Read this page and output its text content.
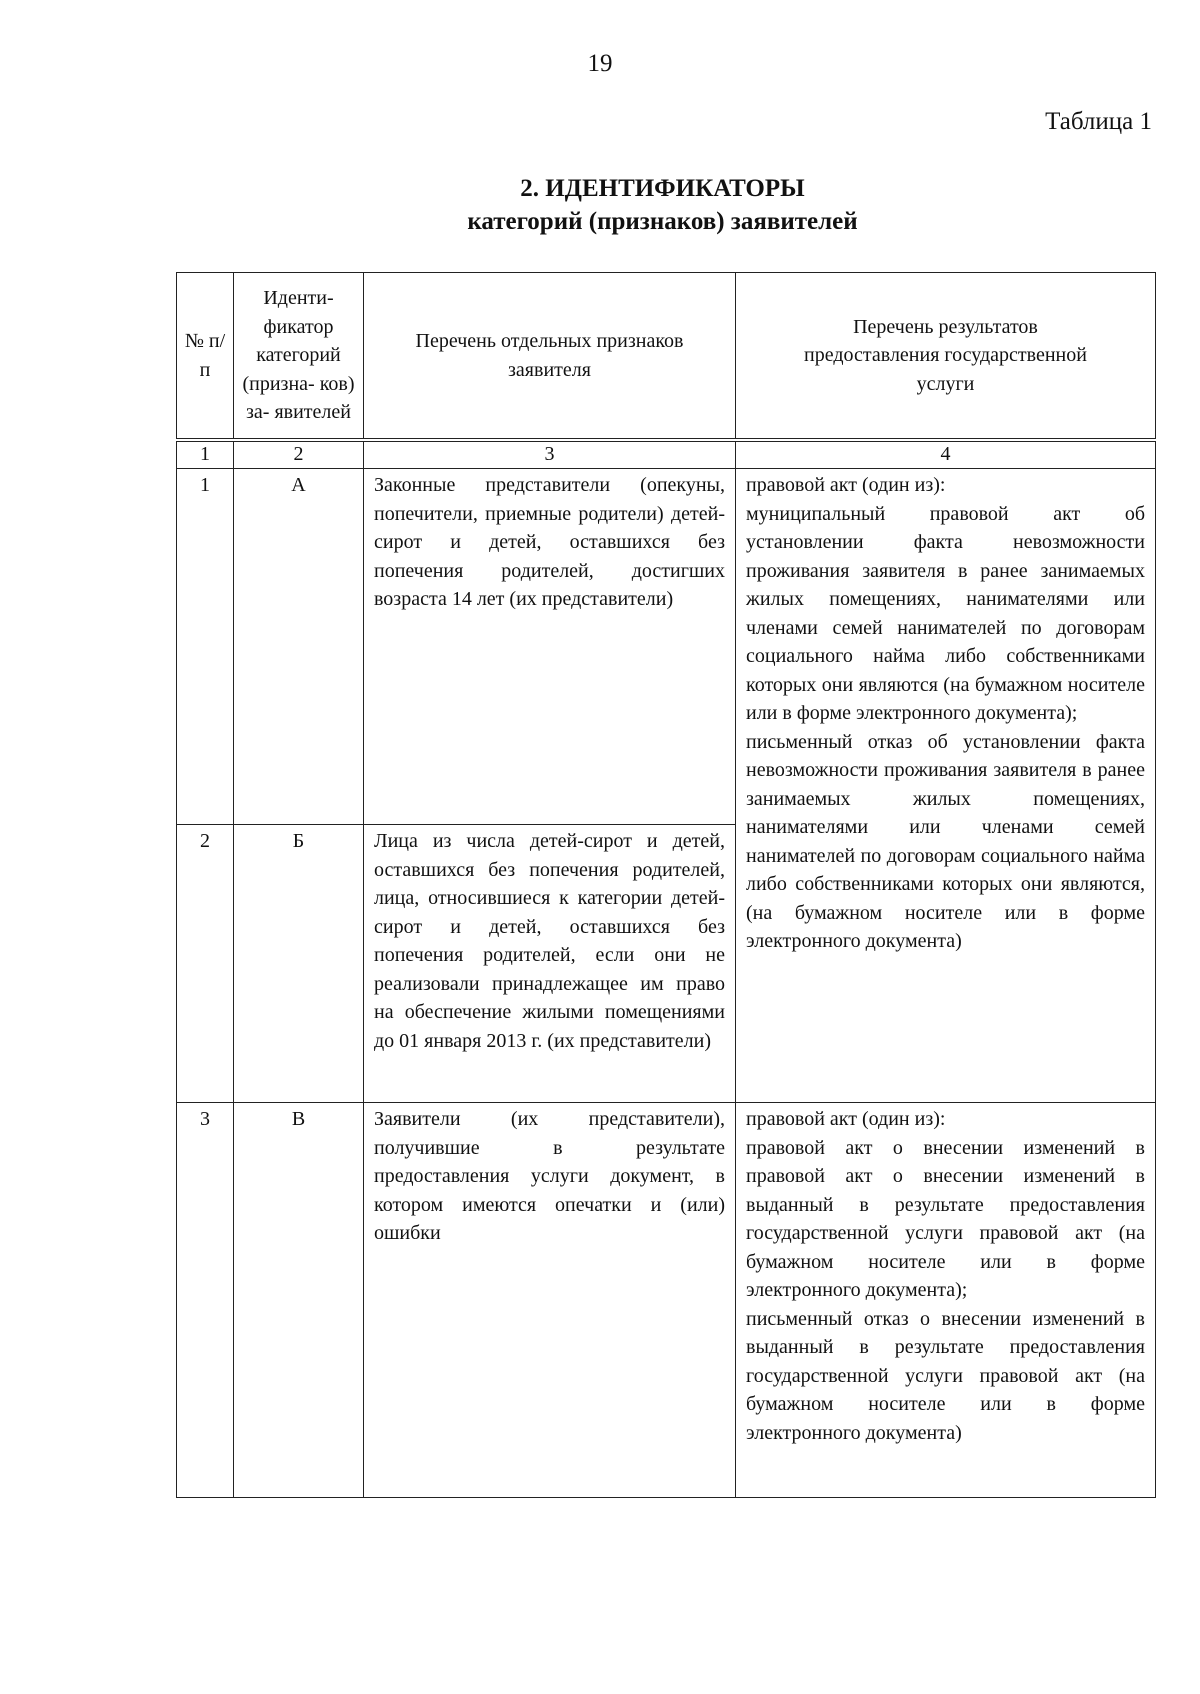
19
Таблица 1
2. ИДЕНТИФИКАТОРЫ
категорий (признаков) заявителей
№ п/п	Иденти- фикатор категорий (призна- ков) за- явителей	Перечень отдельных признаков заявителя	Перечень результатов предоставления государственной услуги
1	2	3	4
1	А	Законные представители (опекуны, попечители, приемные родители) детей-сирот и детей, оставшихся без попечения родителей, достигших возраста 14 лет (их представители)	правовой акт (один из):
муниципальный правовой акт об установлении факта невозможности проживания заявителя в ранее занимаемых жилых помещениях, нанимателями или членами семей нанимателей по договорам социального найма либо собственниками которых они являются (на бумажном носителе или в форме электронного документа);
письменный отказ об установлении факта невозможности проживания заявителя в ранее занимаемых жилых помещениях, нанимателями или членами семей нанимателей по договорам социального найма либо собственниками которых они являются, (на бумажном носителе или в форме электронного документа)

2	Б	Лица из числа детей-сирот и детей, оставшихся без попечения родителей, лица, относившиеся к категории детей-сирот и детей, оставшихся без попечения родителей, если они не реализовали принадлежащее им право на обеспечение жилыми помещениями до 01 января 2013 г. (их представители)	
3	В	Заявители (их представители), получившие в результате предоставления услуги документ, в котором имеются опечатки и (или) ошибки	правовой акт (один из):
правовой акт о внесении изменений в правовой акт о внесении изменений в выданный в результате предоставления государственной услуги правовой акт (на бумажном носителе или в форме электронного документа);
письменный отказ о внесении изменений в выданный в результате предоставления государственной услуги правовой акт (на бумажном носителе или в форме электронного документа)
